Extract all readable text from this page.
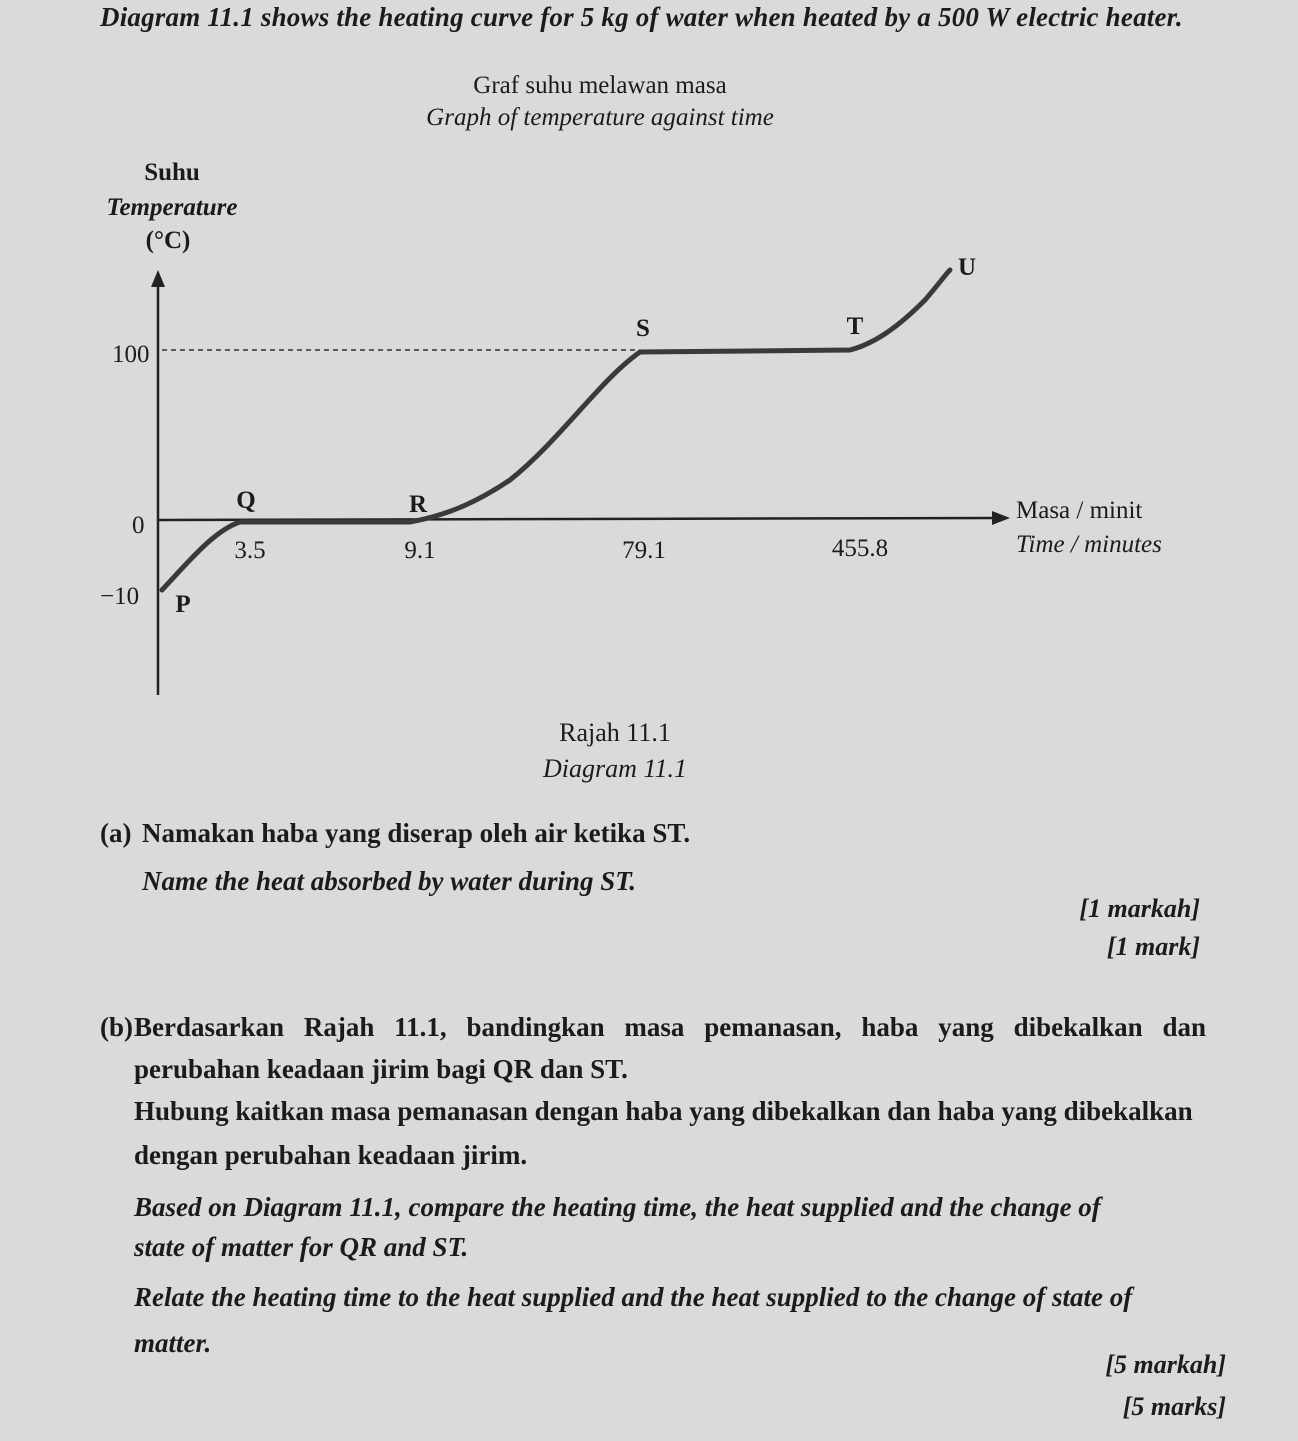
Diagram 11.1 shows the heating curve for 5 kg of water when heated by a 500 W electric heater.
Graf suhu melawan masa
Graph of temperature against time
Suhu
Temperature
(°C)
100
0
−10 P
Q	R
S	T
U
3.5	9.1	79.1	455.8
Masa / minit
Time / minutes
Rajah 11.1
Diagram 11.1
(a) Namakan haba yang diserap oleh air ketika ST.
Name the heat absorbed by water during ST.
[1 markah]
[1 mark]
(b) Berdasarkan Rajah 11.1, bandingkan masa pemanasan, haba yang dibekalkan dan
perubahan keadaan jirim bagi QR dan ST.
Hubung kaitkan masa pemanasan dengan haba yang dibekalkan dan haba yang dibekalkan
dengan perubahan keadaan jirim.
Based on Diagram 11.1, compare the heating time, the heat supplied and the change of
state of matter for QR and ST.
Relate the heating time to the heat supplied and the heat supplied to the change of state of
matter.
[5 markah]
[5 marks]
